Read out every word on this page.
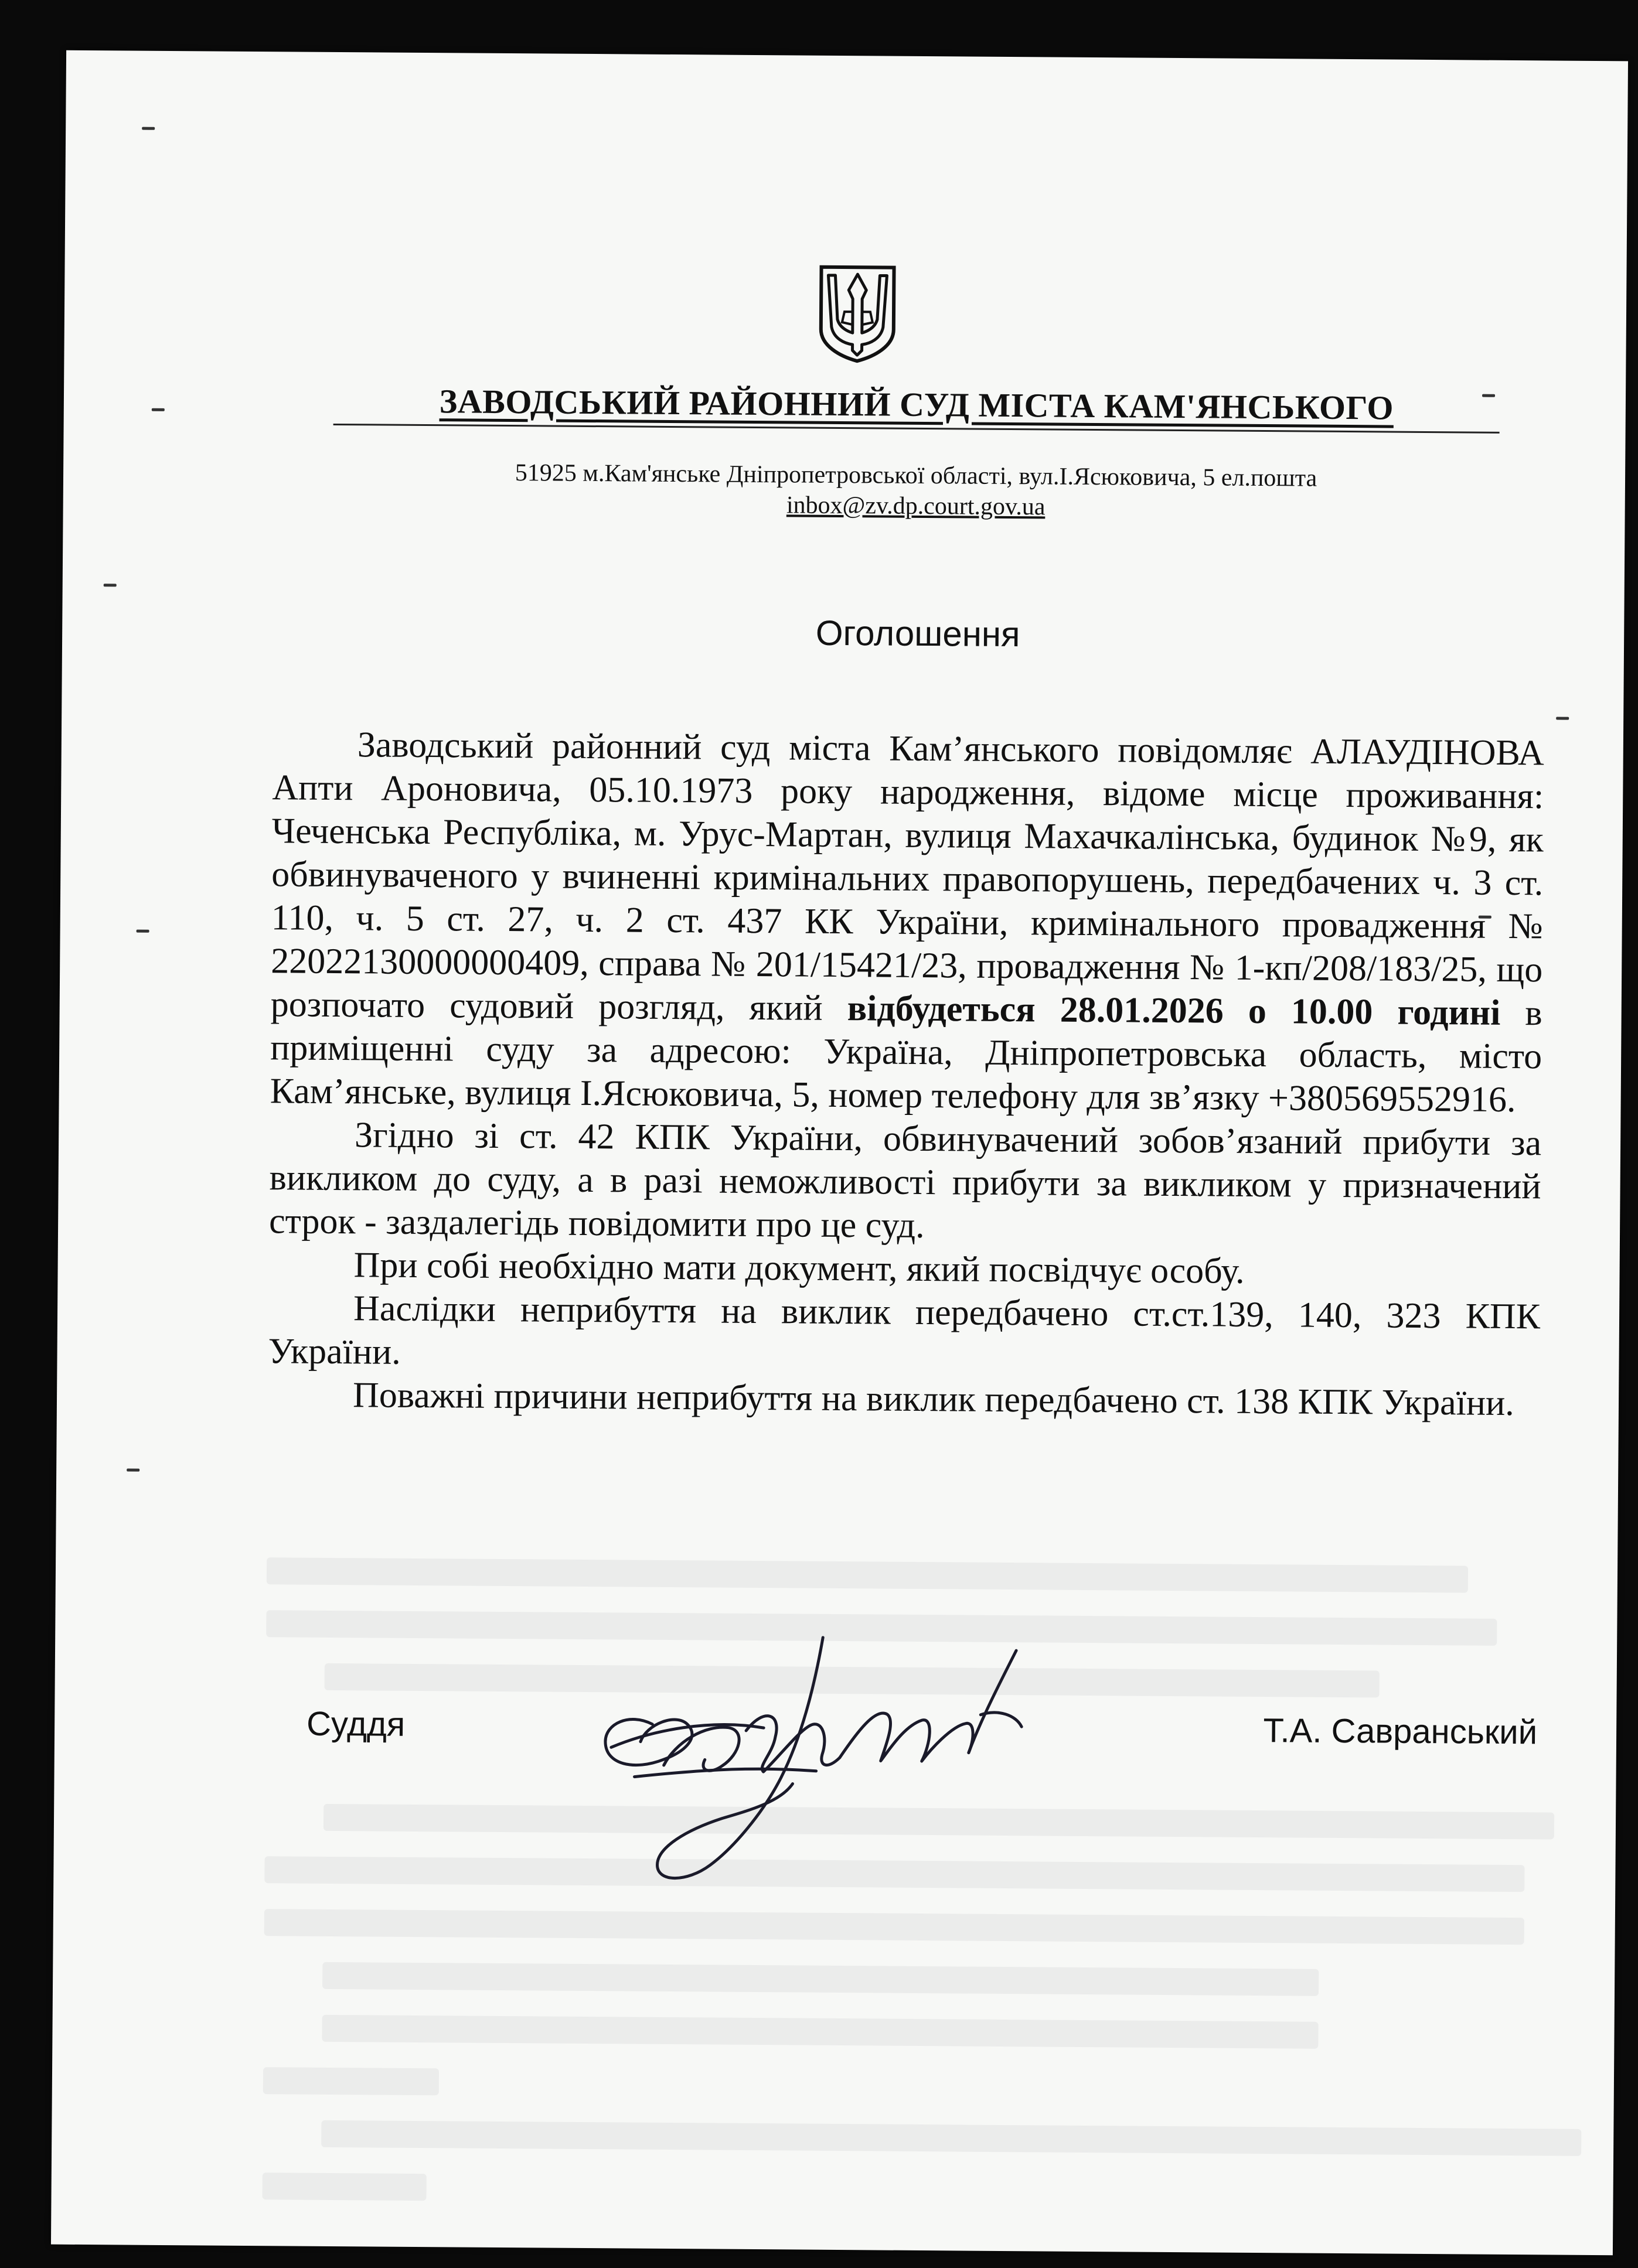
ЗАВОДСЬКИЙ РАЙОННИЙ СУД МІСТА КАМ'ЯНСЬКОГО
51925 м.Кам'янське Дніпропетровської області, вул.І.Ясюковича, 5 ел.пошта
inbox@zv.dp.court.gov.ua
Оголошення

Заводський районний суд міста Кам’янського повідомляє АЛАУДІНОВА Апти Ароновича, 05.10.1973 року народження, відоме місце проживання: Чеченська Республіка, м. Урус-Мартан, вулиця Махачкалінська, будинок №9, як обвинуваченого у вчиненні кримінальних правопорушень, передбачених ч. 3 ст. 110, ч. 5 ст. 27, ч. 2 ст. 437 КК України, кримінального провадження № 22022130000000409, справа № 201/15421/23, провадження № 1-кп/208/183/25, що розпочато судовий розгляд, який відбудеться 28.01.2026 о 10.00 годині в приміщенні суду за адресою: Україна, Дніпропетровська область, місто Кам’янське, вулиця І.Ясюковича, 5, номер телефону для зв’язку +380569552916.

Згідно зі ст. 42 КПК України, обвинувачений зобов’язаний прибути за викликом до суду, а в разі неможливості прибути за викликом у призначений строк - заздалегідь повідомити про це суд.

При собі необхідно мати документ, який посвідчує особу.

Наслідки неприбуття на виклик передбачено ст.ст.139, 140, 323 КПК України.

Поважні причини неприбуття на виклик передбачено ст. 138 КПК України.

Суддя	Т.А. Савранський
